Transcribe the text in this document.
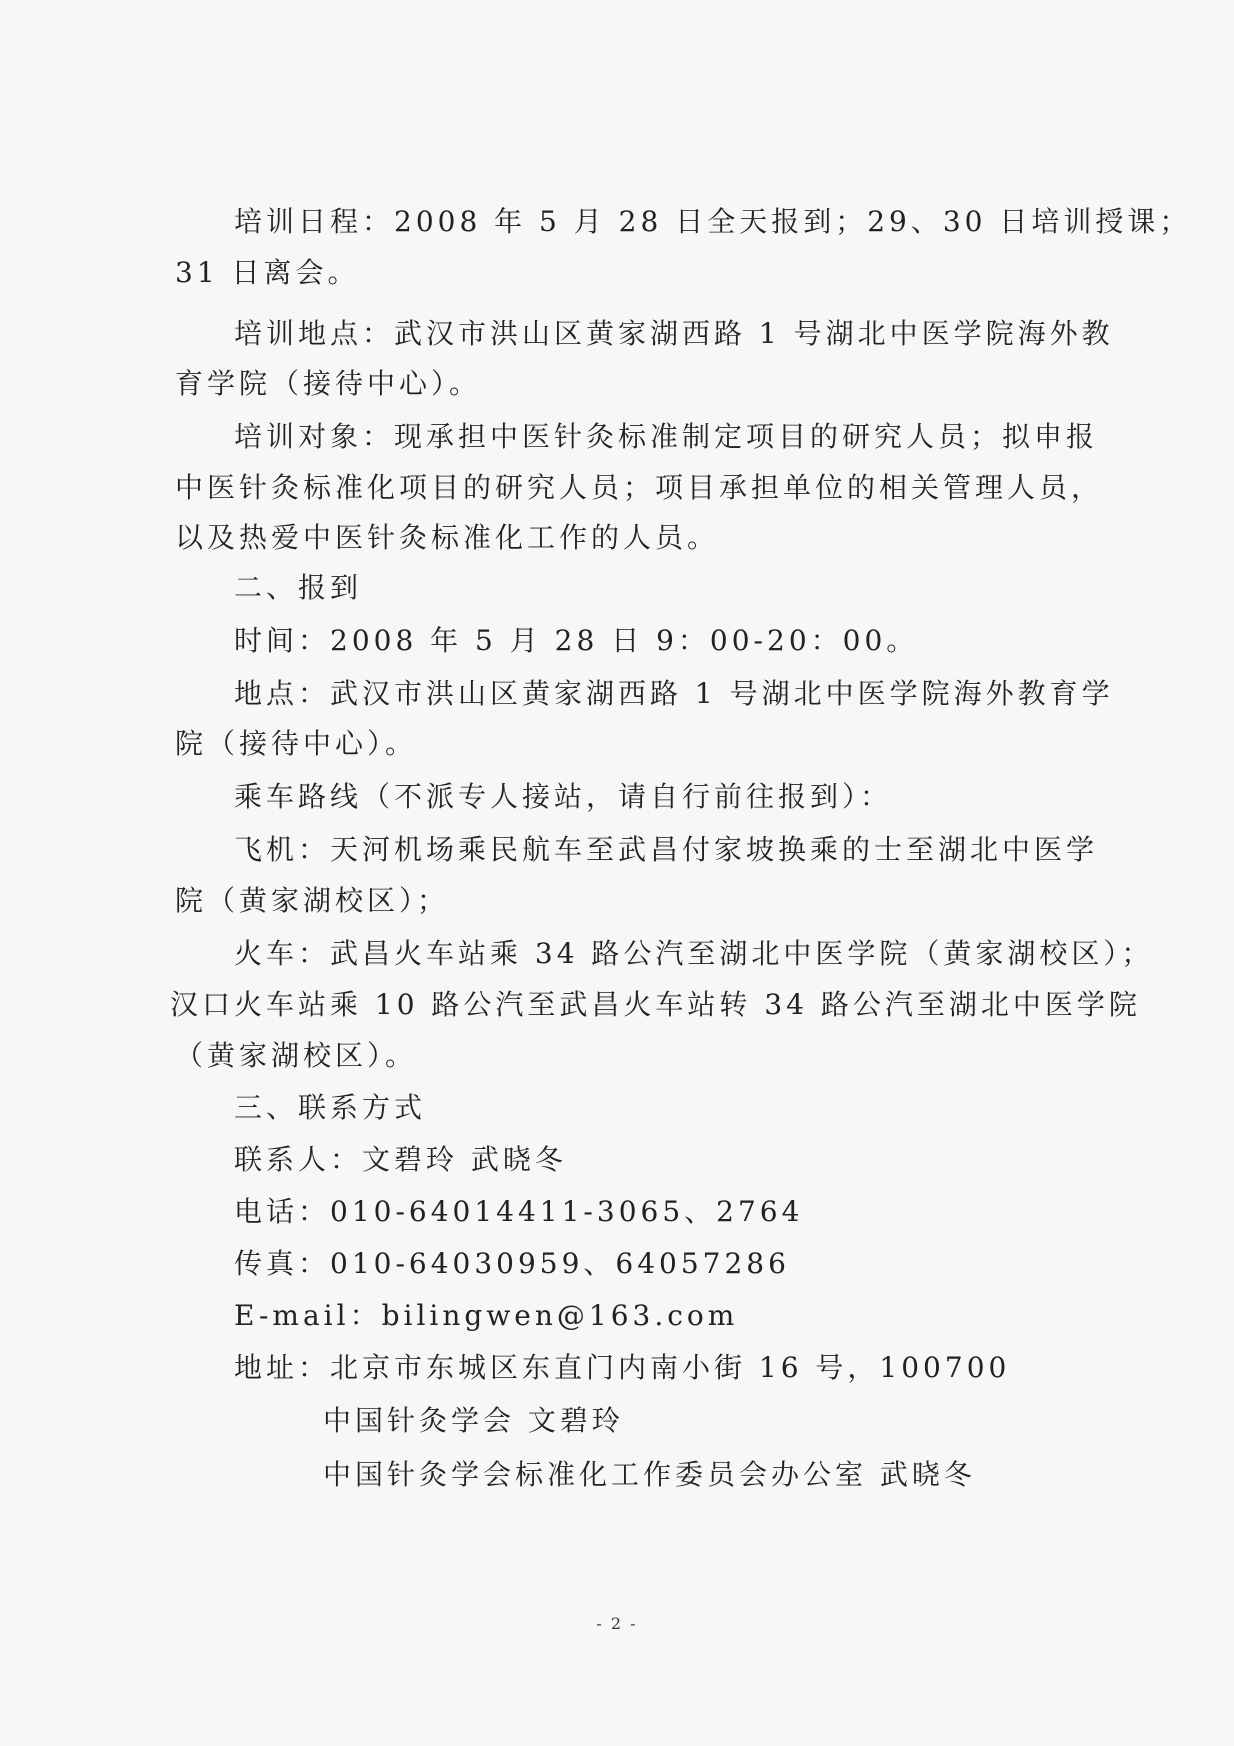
培训日程：2008 年 5 月 28 日全天报到；29、30 日培训授课；
31 日离会。
培训地点：武汉市洪山区黄家湖西路 1 号湖北中医学院海外教
育学院（接待中心）。
培训对象：现承担中医针灸标准制定项目的研究人员；拟申报
中医针灸标准化项目的研究人员；项目承担单位的相关管理人员，
以及热爱中医针灸标准化工作的人员。
二、报到
时间：2008 年 5 月 28 日 9：00-20：00。
地点：武汉市洪山区黄家湖西路 1 号湖北中医学院海外教育学
院（接待中心）。
乘车路线（不派专人接站，请自行前往报到）：
飞机：天河机场乘民航车至武昌付家坡换乘的士至湖北中医学
院（黄家湖校区）；
火车：武昌火车站乘 34 路公汽至湖北中医学院（黄家湖校区）；
汉口火车站乘 10 路公汽至武昌火车站转 34 路公汽至湖北中医学院
（黄家湖校区）。
三、联系方式
联系人：文碧玲 武晓冬
电话：010-64014411-3065、2764
传真：010-64030959、64057286
E-mail：bilingwen@163.com
地址：北京市东城区东直门内南小街 16 号，100700
中国针灸学会 文碧玲
中国针灸学会标准化工作委员会办公室 武晓冬
- 2 -
